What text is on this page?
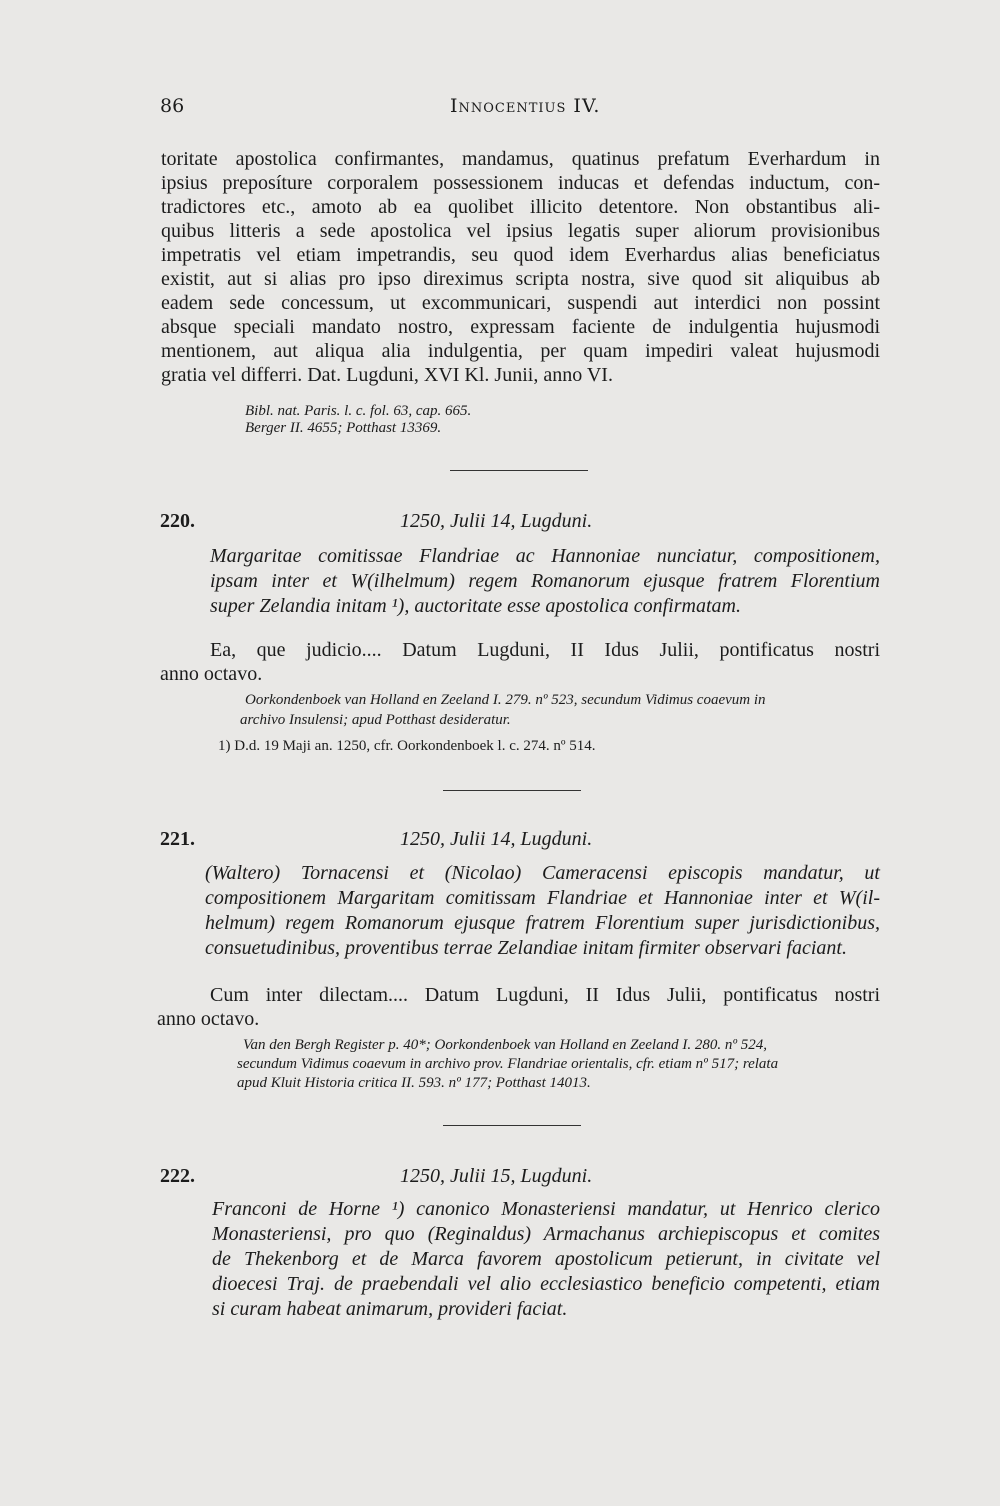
86	Innocentius IV.
toritate apostolica confirmantes, mandamus, quatinus prefatum Everhardum in
ipsius preposíture corporalem possessionem inducas et defendas inductum, con-
tradictores etc., amoto ab ea quolibet illicito detentore. Non obstantibus ali-
quibus litteris a sede apostolica vel ipsius legatis super aliorum provisionibus
impetratis vel etiam impetrandis, seu quod idem Everhardus alias beneficiatus
existit, aut si alias pro ipso direximus scripta nostra, sive quod sit aliquibus ab
eadem sede concessum, ut excommunicari, suspendi aut interdici non possint
absque speciali mandato nostro, expressam faciente de indulgentia hujusmodi
mentionem, aut aliqua alia indulgentia, per quam impediri valeat hujusmodi
gratia vel differri. Dat. Lugduni, XVI Kl. Junii, anno VI.
Bibl. nat. Paris. l. c. fol. 63, cap. 665.
Berger II. 4655; Potthast 13369.
220.	1250, Julii 14, Lugduni.
Margaritae comitissae Flandriae ac Hannoniae nunciatur, compositionem,
ipsam inter et W(ilhelmum) regem Romanorum ejusque fratrem Florentium
super Zelandia initam ¹), auctoritate esse apostolica confirmatam.
Ea, que judicio.... Datum Lugduni, II Idus Julii, pontificatus nostri
anno octavo.
Oorkondenboek van Holland en Zeeland I. 279. nº 523, secundum Vidimus coaevum in
archivo Insulensi; apud Potthast desideratur.
1) D.d. 19 Maji an. 1250, cfr. Oorkondenboek l. c. 274. nº 514.
221.	1250, Julii 14, Lugduni.
(Waltero) Tornacensi et (Nicolao) Cameracensi episcopis mandatur, ut
compositionem Margaritam comitissam Flandriae et Hannoniae inter et W(il-
helmum) regem Romanorum ejusque fratrem Florentium super jurisdictionibus,
consuetudinibus, proventibus terrae Zelandiae initam firmiter observari faciant.
Cum inter dilectam.... Datum Lugduni, II Idus Julii, pontificatus nostri
anno octavo.
Van den Bergh Register p. 40*; Oorkondenboek van Holland en Zeeland I. 280. nº 524,
secundum Vidimus coaevum in archivo prov. Flandriae orientalis, cfr. etiam nº 517; relata
apud Kluit Historia critica II. 593. nº 177; Potthast 14013.
222.	1250, Julii 15, Lugduni.
Franconi de Horne ¹) canonico Monasteriensi mandatur, ut Henrico clerico
Monasteriensi, pro quo (Reginaldus) Armachanus archiepiscopus et comites
de Thekenborg et de Marca favorem apostolicum petierunt, in civitate vel
dioecesi Traj. de praebendali vel alio ecclesiastico beneficio competenti, etiam
si curam habeat animarum, provideri faciat.
